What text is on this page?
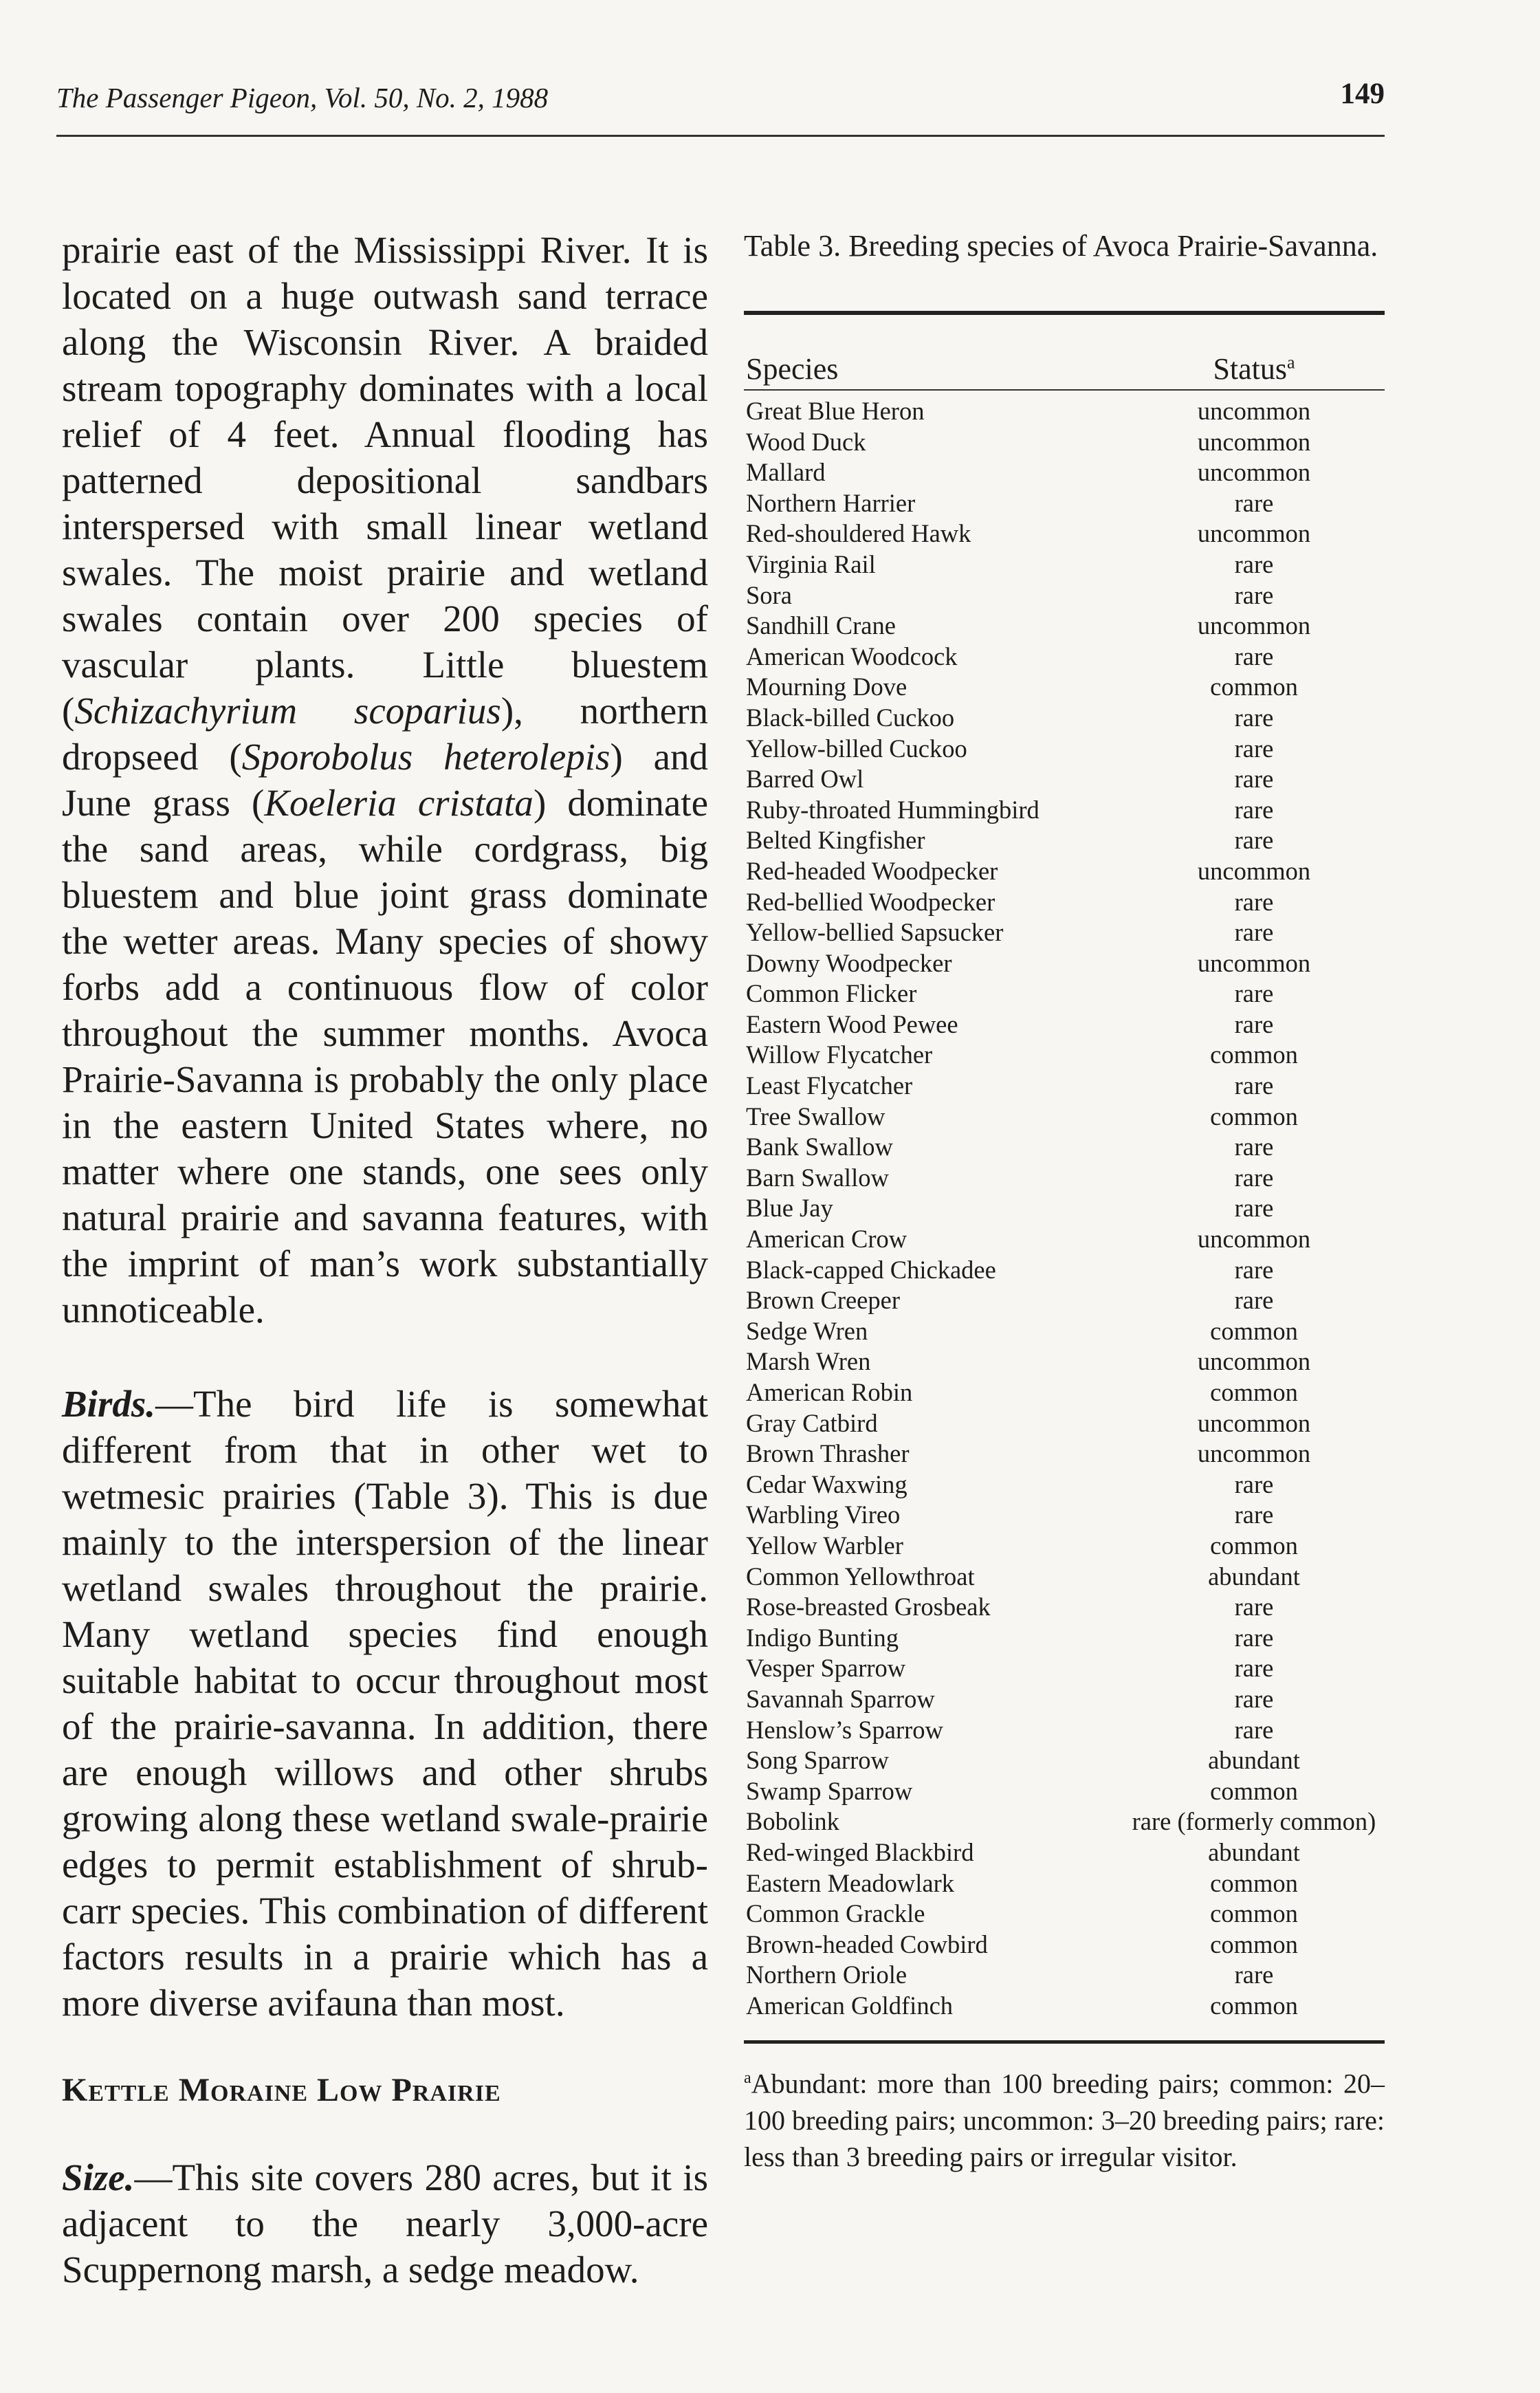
The Passenger Pigeon, Vol. 50, No. 2, 1988	149

prairie east of the Mississippi River. It is located on a huge outwash sand terrace along the Wisconsin River. A braided stream topography dominates with a local relief of 4 feet. Annual flooding has patterned depositional sandbars interspersed with small linear wetland swales. The moist prairie and wetland swales contain over 200 species of vascular plants. Little bluestem (Schizachyrium scoparius), northern dropseed (Sporobolus heterolepis) and June grass (Koeleria cristata) dominate the sand areas, while cordgrass, big bluestem and blue joint grass dominate the wetter areas. Many species of showy forbs add a continuous flow of color throughout the summer months. Avoca Prairie-Savanna is probably the only place in the eastern United States where, no matter where one stands, one sees only natural prairie and savanna features, with the imprint of man’s work substantially unnoticeable.

Birds.—The bird life is somewhat different from that in other wet to wetmesic prairies (Table 3). This is due mainly to the interspersion of the linear wetland swales throughout the prairie. Many wetland species find enough suitable habitat to occur throughout most of the prairie-savanna. In addition, there are enough willows and other shrubs growing along these wetland swale-prairie edges to permit establishment of shrub-carr species. This combination of different factors results in a prairie which has a more diverse avifauna than most.

Kettle Moraine Low Prairie

Size.—This site covers 280 acres, but it is adjacent to the nearly 3,000-acre Scuppernong marsh, a sedge meadow.

Table 3. Breeding species of Avoca Prairie-Savanna.

Species	Status$^a$
Great Blue Heron	uncommon
Wood Duck	uncommon
Mallard	uncommon
Northern Harrier	rare
Red-shouldered Hawk	uncommon
Virginia Rail	rare
Sora	rare
Sandhill Crane	uncommon
American Woodcock	rare
Mourning Dove	common
Black-billed Cuckoo	rare
Yellow-billed Cuckoo	rare
Barred Owl	rare
Ruby-throated Hummingbird	rare
Belted Kingfisher	rare
Red-headed Woodpecker	uncommon
Red-bellied Woodpecker	rare
Yellow-bellied Sapsucker	rare
Downy Woodpecker	uncommon
Common Flicker	rare
Eastern Wood Pewee	rare
Willow Flycatcher	common
Least Flycatcher	rare
Tree Swallow	common
Bank Swallow	rare
Barn Swallow	rare
Blue Jay	rare
American Crow	uncommon
Black-capped Chickadee	rare
Brown Creeper	rare
Sedge Wren	common
Marsh Wren	uncommon
American Robin	common
Gray Catbird	uncommon
Brown Thrasher	uncommon
Cedar Waxwing	rare
Warbling Vireo	rare
Yellow Warbler	common
Common Yellowthroat	abundant
Rose-breasted Grosbeak	rare
Indigo Bunting	rare
Vesper Sparrow	rare
Savannah Sparrow	rare
Henslow’s Sparrow	rare
Song Sparrow	abundant
Swamp Sparrow	common
Bobolink	rare (formerly common)
Red-winged Blackbird	abundant
Eastern Meadowlark	common
Common Grackle	common
Brown-headed Cowbird	common
Northern Oriole	rare
American Goldfinch	common

$^a$Abundant: more than 100 breeding pairs; common: 20–100 breeding pairs; uncommon: 3–20 breeding pairs; rare: less than 3 breeding pairs or irregular visitor.
